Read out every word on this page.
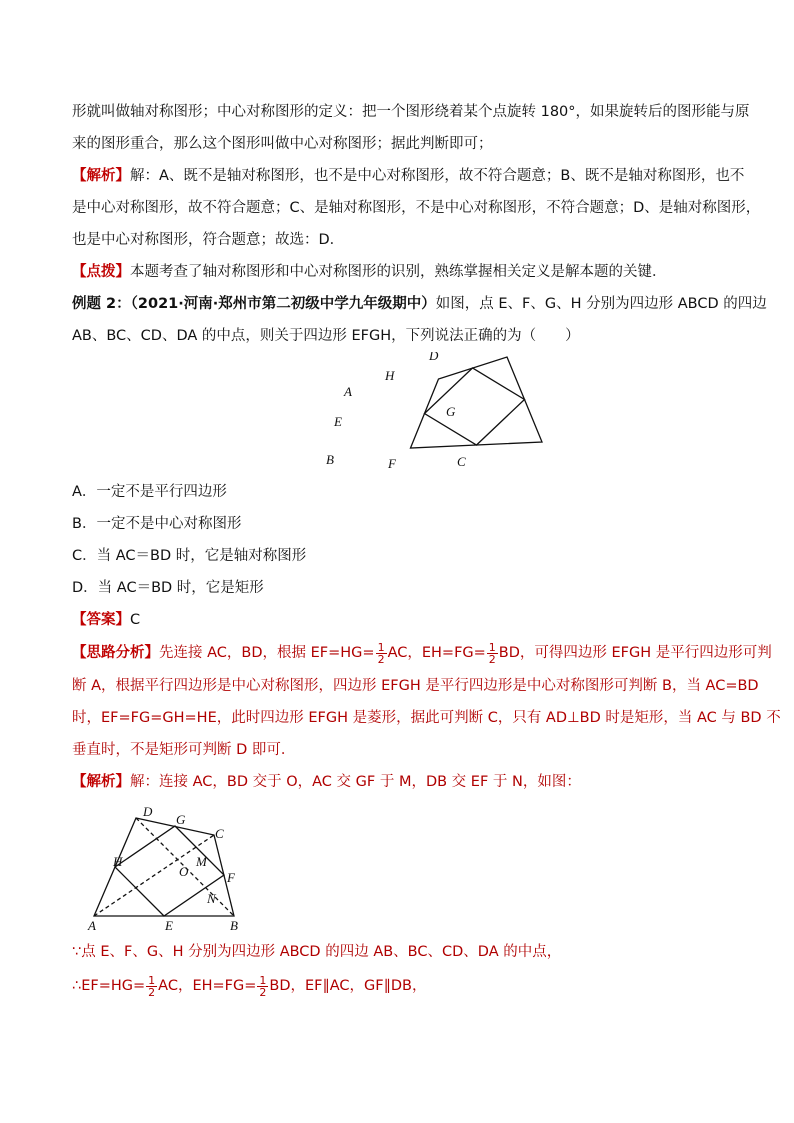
形就叫做轴对称图形；中心对称图形的定义：把一个图形绕着某个点旋转 180°，如果旋转后的图形能与原
来的图形重合，那么这个图形叫做中心对称图形；据此判断即可；
【解析】解：A、既不是轴对称图形，也不是中心对称图形，故不符合题意；B、既不是轴对称图形，也不
是中心对称图形，故不符合题意；C、是轴对称图形，不是中心对称图形，不符合题意；D、是轴对称图形，
也是中心对称图形，符合题意；故选：D．
【点拨】本题考查了轴对称图形和中心对称图形的识别，熟练掌握相关定义是解本题的关键．
例题 2：（2021·河南·郑州市第二初级中学九年级期中）如图，点 E、F、G、H 分别为四边形 ABCD 的四边
AB、BC、CD、DA 的中点，则关于四边形 EFGH，下列说法正确的为（　　）
D
H
A
G
E
B	F	C
A．一定不是平行四边形
B．一定不是中心对称图形
C．当 AC＝BD 时，它是轴对称图形
D．当 AC＝BD 时，它是矩形
【答案】C
【思路分析】先连接 AC，BD，根据 $EF=HG= \frac{1}{2}$ AC，$EH=FG= \frac{1}{2}$ BD，可得四边形 EFGH 是平行四边形可判
断 A，根据平行四边形是中心对称图形，四边形 EFGH 是平行四边形是中心对称图形可判断 B，当 AC=BD
时，EF=FG=GH=HE，此时四边形 EFGH 是菱形，据此可判断 C，只有 AD⊥BD 时是矩形，当 AC 与 BD 不
垂直时，不是矩形可判断 D 即可．
【解析】解：连接 AC，BD 交于 O，AC 交 GF 于 M，DB 交 EF 于 N，如图：
D
G
C
H	M
O	F
N
A	E	B
∵点 E、F、G、H 分别为四边形 ABCD 的四边 AB、BC、CD、DA 的中点，
∴EF=HG= $\frac{1}{2}$ AC，$EH=FG= \frac{1}{2}$ BD，EF∥AC，GF∥DB，
